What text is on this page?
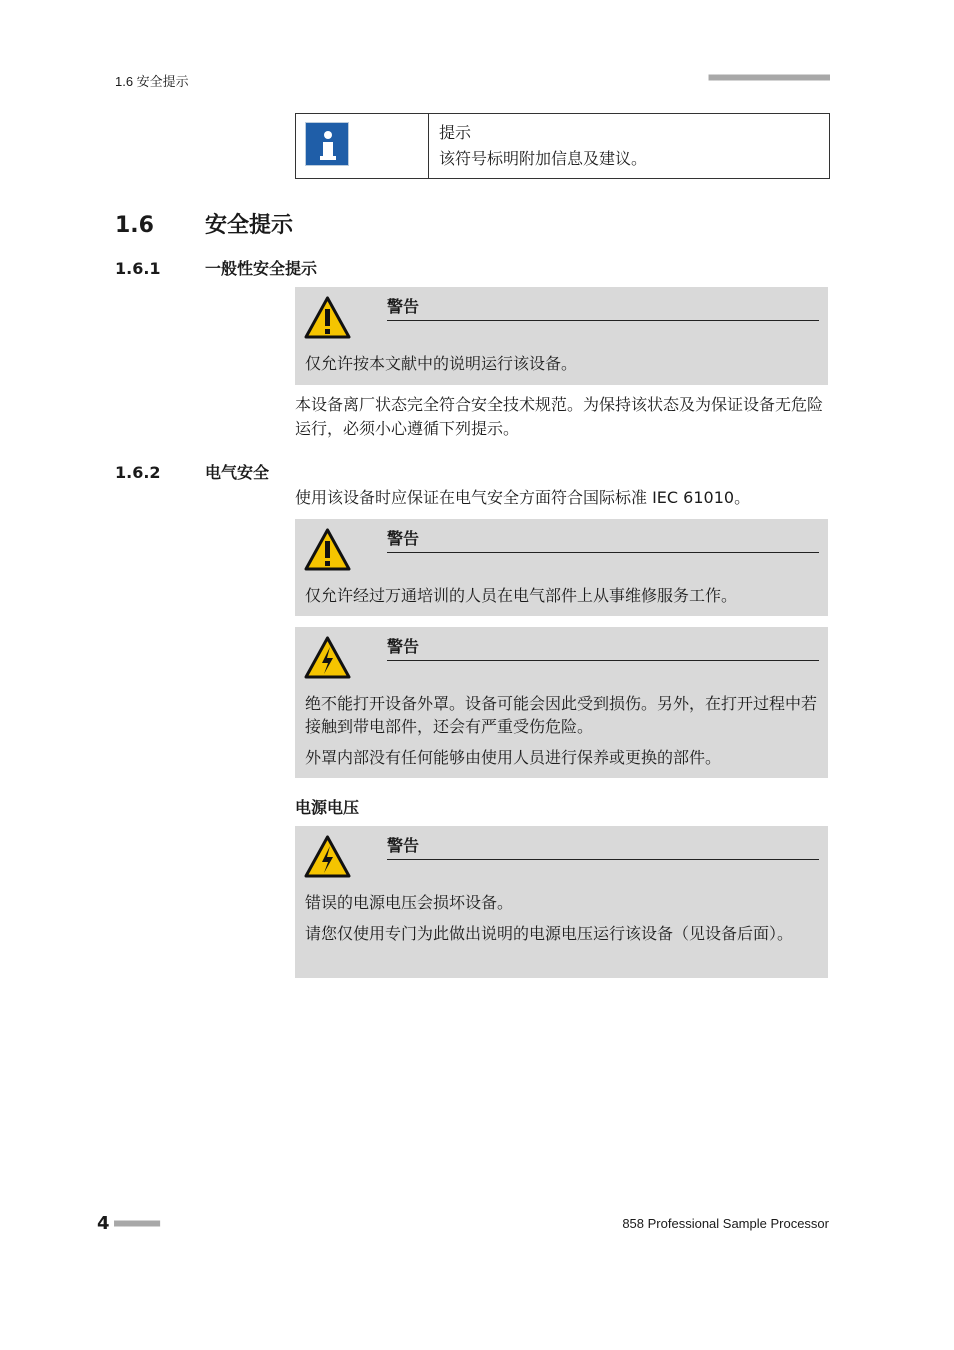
1.6 安全提示	■■■■■■■■■■■■■■■■■■■■■■■■
提示
该符号标明附加信息及建议。
1.6 安全提示
1.6.1	一般性安全提示
警告

仅允许按本文献中的说明运行该设备。

本设备离厂状态完全符合安全技术规范。为保持该状态及为保证设备无危险运行，必须小心遵循下列提示。
1.6.2	电气安全
使用该设备时应保证在电气安全方面符合国际标准 IEC 61010。
警告

仅允许经过万通培训的人员在电气部件上从事维修服务工作。

警告

绝不能打开设备外罩。设备可能会因此受到损伤。另外，在打开过程中若接触到带电部件，还会有严重受伤危险。

外罩内部没有任何能够由使用人员进行保养或更换的部件。

电源电压
警告

错误的电源电压会损坏设备。

请您仅使用专门为此做出说明的电源电压运行该设备（见设备后面）。

4 ■■■■■■■■■	858 Professional Sample Processor
